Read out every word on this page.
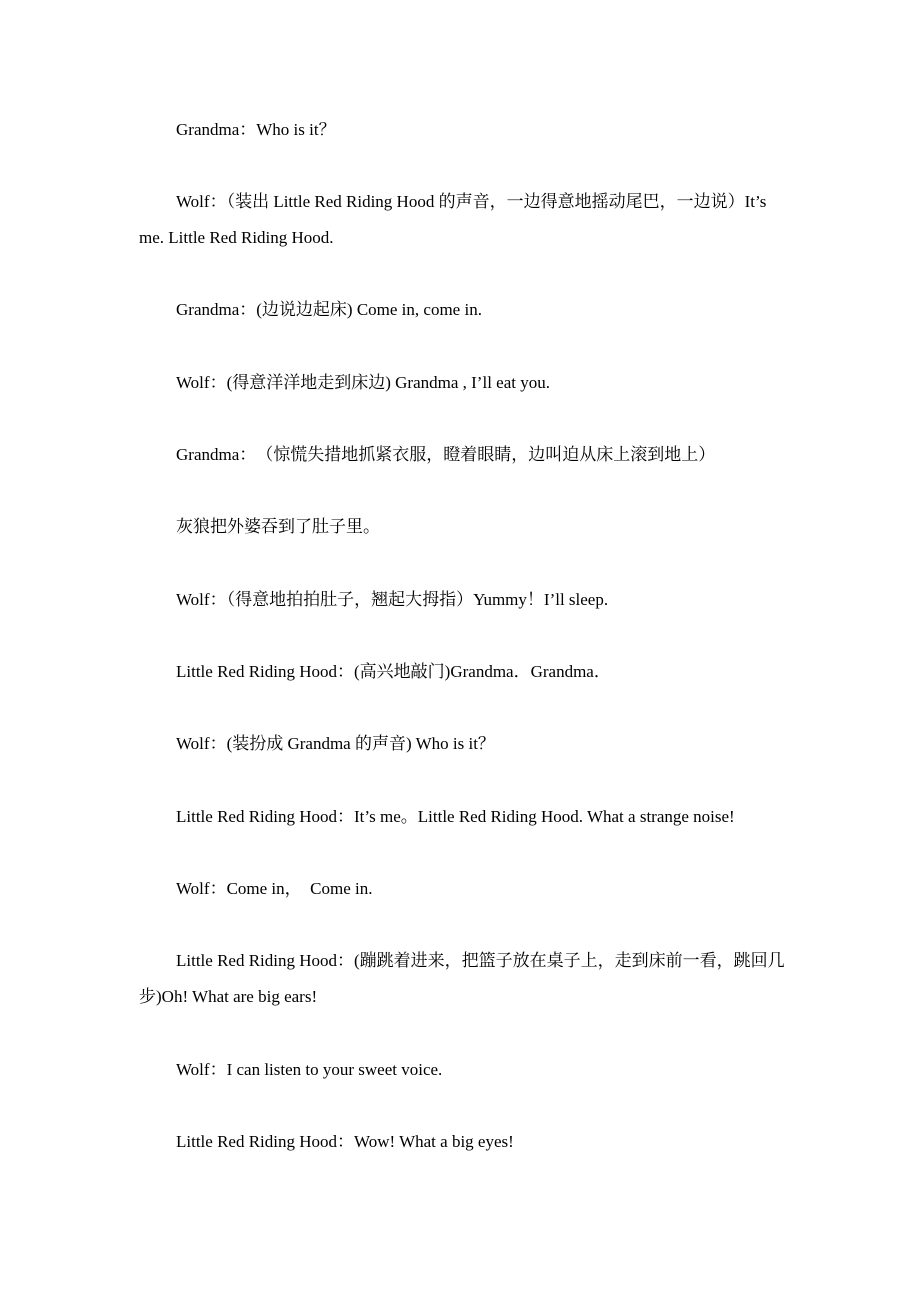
Grandma：Who is it？

Wolf：（装出 Little Red Riding Hood 的声音，一边得意地摇动尾巴，一边说）It’s me. Little Red Riding Hood.

Grandma：(边说边起床) Come in, come in.

Wolf：(得意洋洋地走到床边) Grandma , I’ll eat you.

Grandma：　（惊慌失措地抓紧衣服，瞪着眼睛，边叫迫从床上滚到地上）

灰狼把外婆吞到了肚子里。

Wolf：（得意地拍拍肚子，翘起大拇指）Yummy！I’ll sleep.

Little Red Riding Hood：(高兴地敲门)Grandma．Grandma．

Wolf：(装扮成 Grandma 的声音) Who is it？

Little Red Riding Hood：It’s me。Little Red Riding Hood. What a strange noise!

Wolf：Come in，　Come in.

Little Red Riding Hood：(蹦跳着进来，把篮子放在桌子上，走到床前一看，跳回几步)Oh! What are big ears!

Wolf：I can listen to your sweet voice.

Little Red Riding Hood：Wow! What a big eyes!
